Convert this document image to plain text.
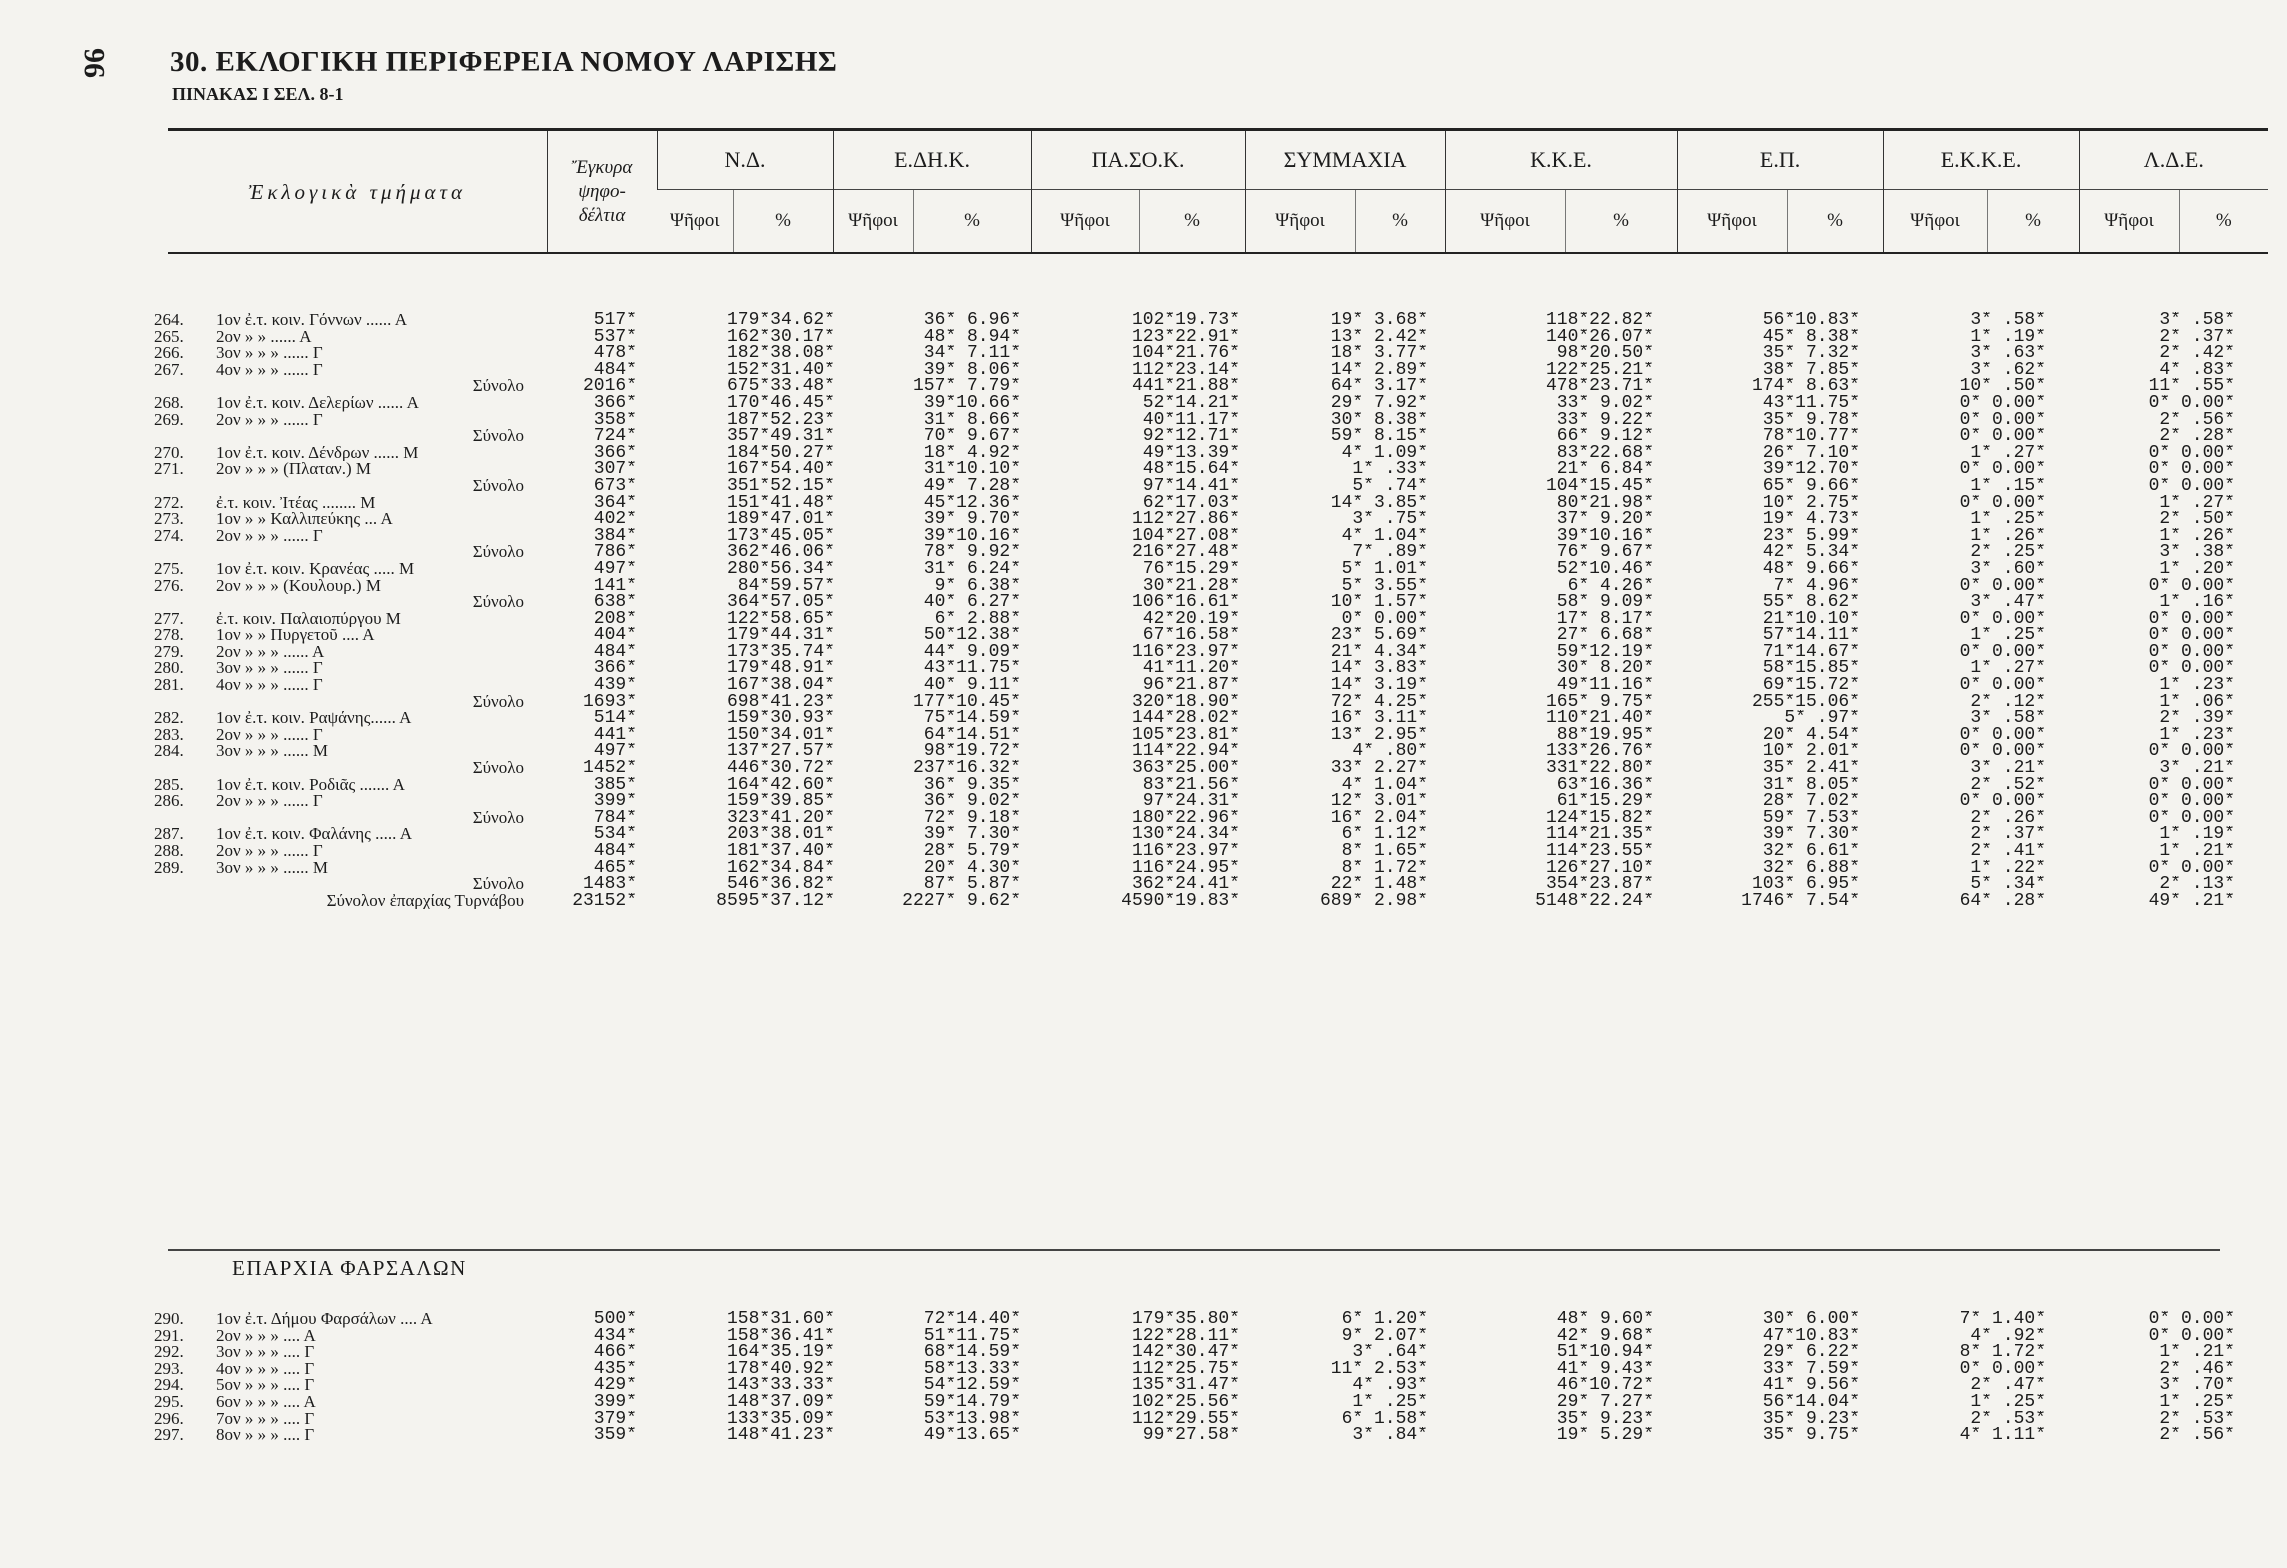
96 30. ΕΚΛΟΓΙΚΗ ΠΕΡΙΦΕΡΕΙΑ ΝΟΜΟΥ ΛΑΡΙΣΗΣ
ΠΙΝΑΚΑΣ Ι ΣΕΛ. 8-1
Ἐκλογικὰ τμήματα	Ἔγκυρα
ψηφο-
δέλτια	Ν.Δ.		Ε.ΔΗ.Κ.		ΠΑ.ΣΟ.Κ.		ΣΥΜΜΑΧΙΑ		Κ.Κ.Ε.		Ε.Π.		Ε.Κ.Κ.Ε.		Λ.Δ.Ε.	
		Ψῆφοι	%	Ψῆφοι	%	Ψῆφοι	%	Ψῆφοι	%	Ψῆφοι	%	Ψῆφοι	%	Ψῆφοι	%	Ψῆφοι	%
264.	1ον ἐ.τ. κοιν. Γόννων ...... Α	517*	179*34.62*	36* 6.96*	102*19.73*	19* 3.68*	118*22.82*	56*10.83*	3* .58*	3* .58*
265.	2ον » » ...... Α	537*	162*30.17*	48* 8.94*	123*22.91*	13* 2.42*	140*26.07*	45* 8.38*	1* .19*	2* .37*
266.	3ον » » » ...... Γ	478*	182*38.08*	34* 7.11*	104*21.76*	18* 3.77*	98*20.50*	35* 7.32*	3* .63*	2* .42*
267.	4ον » » » ...... Γ	484*	152*31.40*	39* 8.06*	112*23.14*	14* 2.89*	122*25.21*	38* 7.85*	3* .62*	4* .83*
	Σύνολο	2016*	675*33.48*	157* 7.79*	441*21.88*	64* 3.17*	478*23.71*	174* 8.63*	10* .50*	11* .55*
268.	1ον ἐ.τ. κοιν. Δελερίων ...... Α	366*	170*46.45*	39*10.66*	52*14.21*	29* 7.92*	33* 9.02*	43*11.75*	0* 0.00*	0* 0.00*
269.	2ον » » » ...... Γ	358*	187*52.23*	31* 8.66*	40*11.17*	30* 8.38*	33* 9.22*	35* 9.78*	0* 0.00*	2* .56*
	Σύνολο	724*	357*49.31*	70* 9.67*	92*12.71*	59* 8.15*	66* 9.12*	78*10.77*	0* 0.00*	2* .28*
270.	1ον ἐ.τ. κοιν. Δένδρων ...... Μ	366*	184*50.27*	18* 4.92*	49*13.39*	4* 1.09*	83*22.68*	26* 7.10*	1* .27*	0* 0.00*
271.	2ον » » » (Πλαταν.) Μ	307*	167*54.40*	31*10.10*	48*15.64*	1* .33*	21* 6.84*	39*12.70*	0* 0.00*	0* 0.00*
	Σύνολο	673*	351*52.15*	49* 7.28*	97*14.41*	5* .74*	104*15.45*	65* 9.66*	1* .15*	0* 0.00*
272.	ἐ.τ. κοιν. Ἰτέας ........ Μ	364*	151*41.48*	45*12.36*	62*17.03*	14* 3.85*	80*21.98*	10* 2.75*	0* 0.00*	1* .27*
273.	1ον » » Καλλιπεύκης ... Α	402*	189*47.01*	39* 9.70*	112*27.86*	3* .75*	37* 9.20*	19* 4.73*	1* .25*	2* .50*
274.	2ον » » » ...... Γ	384*	173*45.05*	39*10.16*	104*27.08*	4* 1.04*	39*10.16*	23* 5.99*	1* .26*	1* .26*
	Σύνολο	786*	362*46.06*	78* 9.92*	216*27.48*	7* .89*	76* 9.67*	42* 5.34*	2* .25*	3* .38*
275.	1ον ἐ.τ. κοιν. Κρανέας ..... Μ	497*	280*56.34*	31* 6.24*	76*15.29*	5* 1.01*	52*10.46*	48* 9.66*	3* .60*	1* .20*
276.	2ον » » » (Κουλουρ.) Μ	141*	84*59.57*	9* 6.38*	30*21.28*	5* 3.55*	6* 4.26*	7* 4.96*	0* 0.00*	0* 0.00*
	Σύνολο	638*	364*57.05*	40* 6.27*	106*16.61*	10* 1.57*	58* 9.09*	55* 8.62*	3* .47*	1* .16*
277.	ἐ.τ. κοιν. Παλαιοπύργου Μ	208*	122*58.65*	6* 2.88*	42*20.19*	0* 0.00*	17* 8.17*	21*10.10*	0* 0.00*	0* 0.00*
278.	1ον » » Πυργετοῦ .... Α	404*	179*44.31*	50*12.38*	67*16.58*	23* 5.69*	27* 6.68*	57*14.11*	1* .25*	0* 0.00*
279.	2ον » » » ...... Α	484*	173*35.74*	44* 9.09*	116*23.97*	21* 4.34*	59*12.19*	71*14.67*	0* 0.00*	0* 0.00*
280.	3ον » » » ...... Γ	366*	179*48.91*	43*11.75*	41*11.20*	14* 3.83*	30* 8.20*	58*15.85*	1* .27*	0* 0.00*
281.	4ον » » » ...... Γ	439*	167*38.04*	40* 9.11*	96*21.87*	14* 3.19*	49*11.16*	69*15.72*	0* 0.00*	1* .23*
	Σύνολο	1693*	698*41.23*	177*10.45*	320*18.90*	72* 4.25*	165* 9.75*	255*15.06*	2* .12*	1* .06*
282.	1ον ἐ.τ. κοιν. Ραψάνης...... Α	514*	159*30.93*	75*14.59*	144*28.02*	16* 3.11*	110*21.40*	5* .97*	3* .58*	2* .39*
283.	2ον » » » ...... Γ	441*	150*34.01*	64*14.51*	105*23.81*	13* 2.95*	88*19.95*	20* 4.54*	0* 0.00*	1* .23*
284.	3ον » » » ...... Μ	497*	137*27.57*	98*19.72*	114*22.94*	4* .80*	133*26.76*	10* 2.01*	0* 0.00*	0* 0.00*
	Σύνολο	1452*	446*30.72*	237*16.32*	363*25.00*	33* 2.27*	331*22.80*	35* 2.41*	3* .21*	3* .21*
285.	1ον ἐ.τ. κοιν. Ροδιᾶς ....... Α	385*	164*42.60*	36* 9.35*	83*21.56*	4* 1.04*	63*16.36*	31* 8.05*	2* .52*	0* 0.00*
286.	2ον » » » ...... Γ	399*	159*39.85*	36* 9.02*	97*24.31*	12* 3.01*	61*15.29*	28* 7.02*	0* 0.00*	0* 0.00*
	Σύνολο	784*	323*41.20*	72* 9.18*	180*22.96*	16* 2.04*	124*15.82*	59* 7.53*	2* .26*	0* 0.00*
287.	1ον ἐ.τ. κοιν. Φαλάνης ..... Α	534*	203*38.01*	39* 7.30*	130*24.34*	6* 1.12*	114*21.35*	39* 7.30*	2* .37*	1* .19*
288.	2ον » » » ...... Γ	484*	181*37.40*	28* 5.79*	116*23.97*	8* 1.65*	114*23.55*	32* 6.61*	2* .41*	1* .21*
289.	3ον » » » ...... Μ	465*	162*34.84*	20* 4.30*	116*24.95*	8* 1.72*	126*27.10*	32* 6.88*	1* .22*	0* 0.00*
	Σύνολο	1483*	546*36.82*	87* 5.87*	362*24.41*	22* 1.48*	354*23.87*	103* 6.95*	5* .34*	2* .13*
	Σύνολον ἐπαρχίας Τυρνάβου	23152*	8595*37.12*	2227* 9.62*	4590*19.83*	689* 2.98*	5148*22.24*	1746* 7.54*	64* .28*	49* .21*
ΕΠΑΡΧΙΑ ΦΑΡΣΑΛΩΝ
290.	1ον ἐ.τ. Δήμου Φαρσάλων .... Α	500*	158*31.60*	72*14.40*	179*35.80*	6* 1.20*	48* 9.60*	30* 6.00*	7* 1.40*	0* 0.00*
291.	2ον » » » .... Α	434*	158*36.41*	51*11.75*	122*28.11*	9* 2.07*	42* 9.68*	47*10.83*	4* .92*	0* 0.00*
292.	3ον » » » .... Γ	466*	164*35.19*	68*14.59*	142*30.47*	3* .64*	51*10.94*	29* 6.22*	8* 1.72*	1* .21*
293.	4ον » » » .... Γ	435*	178*40.92*	58*13.33*	112*25.75*	11* 2.53*	41* 9.43*	33* 7.59*	0* 0.00*	2* .46*
294.	5ον » » » .... Γ	429*	143*33.33*	54*12.59*	135*31.47*	4* .93*	46*10.72*	41* 9.56*	2* .47*	3* .70*
295.	6ον » » » .... Α	399*	148*37.09*	59*14.79*	102*25.56*	1* .25*	29* 7.27*	56*14.04*	1* .25*	1* .25*
296.	7ον » » » .... Γ	379*	133*35.09*	53*13.98*	112*29.55*	6* 1.58*	35* 9.23*	35* 9.23*	2* .53*	2* .53*
297.	8ον » » » .... Γ	359*	148*41.23*	49*13.65*	99*27.58*	3* .84*	19* 5.29*	35* 9.75*	4* 1.11*	2* .56*
